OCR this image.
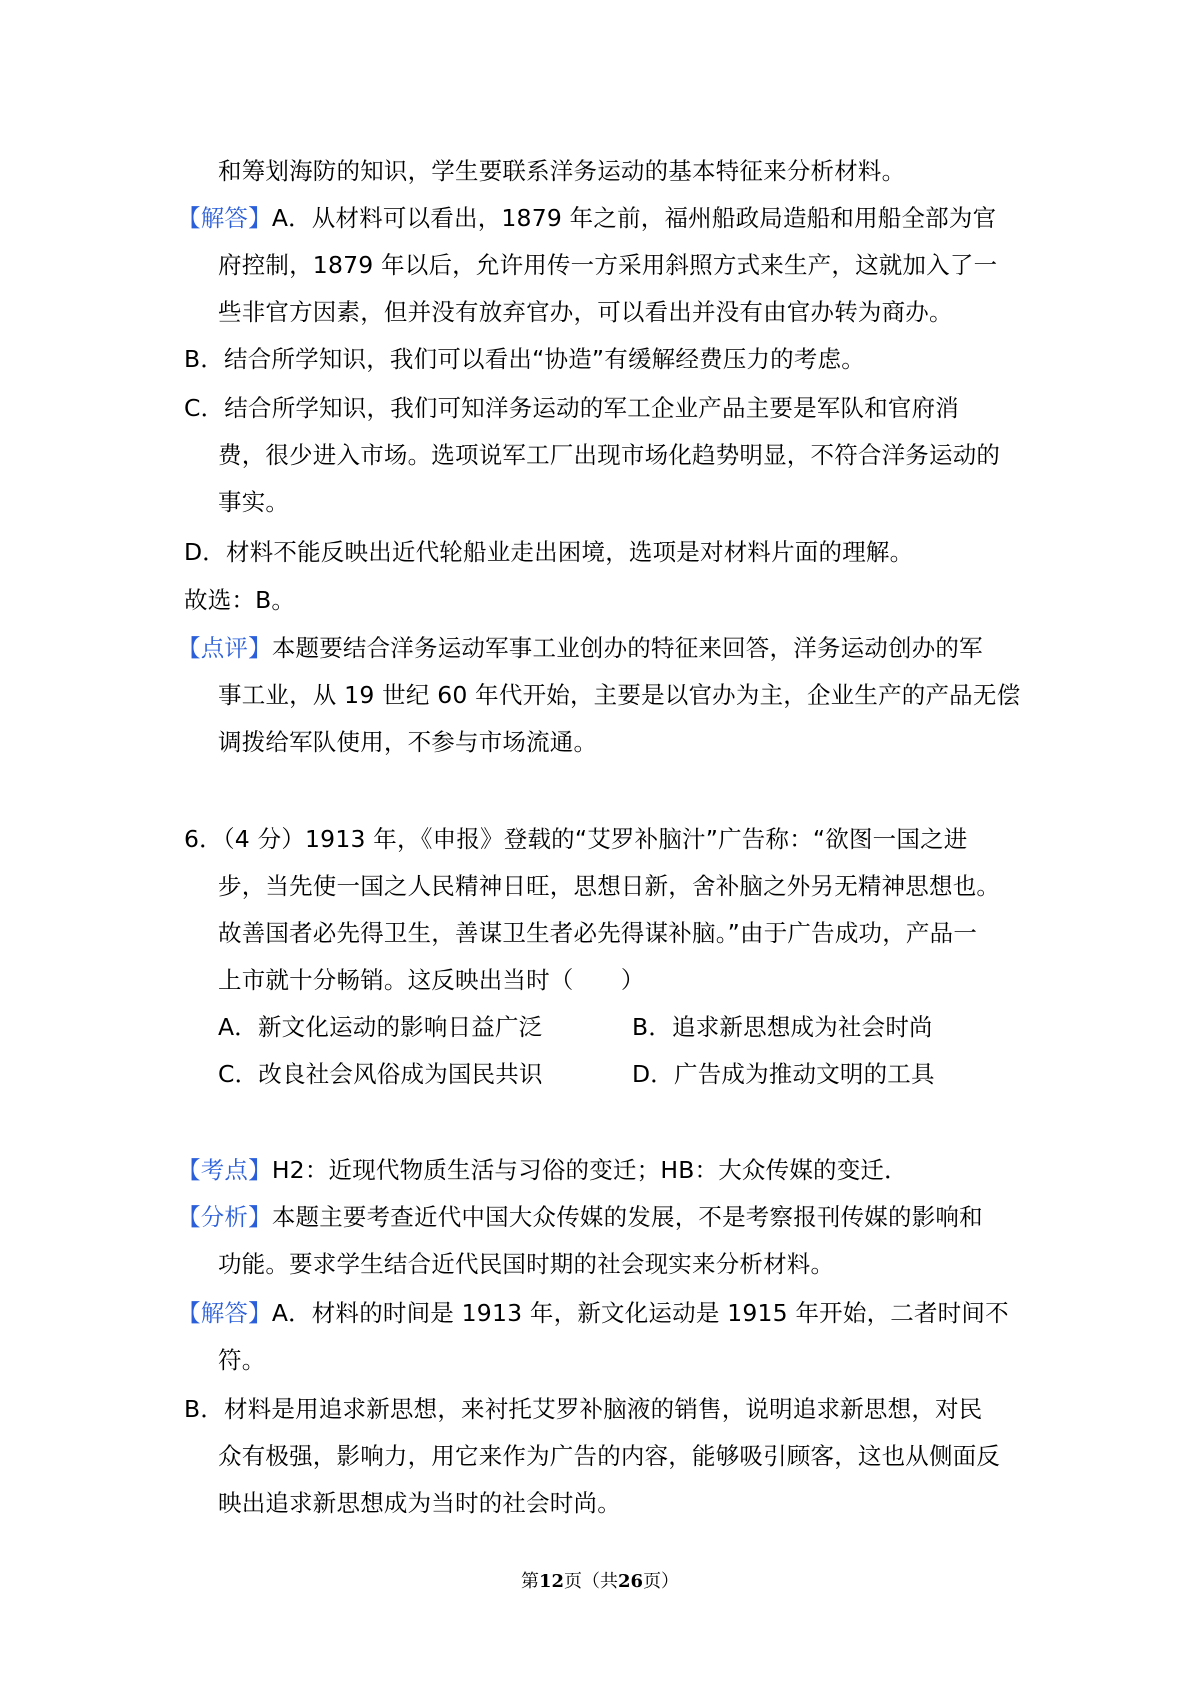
和筹划海防的知识，学生要联系洋务运动的基本特征来分析材料。
【解答】A．从材料可以看出，1879 年之前，福州船政局造船和用船全部为官
府控制，1879 年以后，允许用传一方采用斜照方式来生产，这就加入了一
些非官方因素，但并没有放弃官办，可以看出并没有由官办转为商办。
B．结合所学知识，我们可以看出“协造”有缓解经费压力的考虑。
C．结合所学知识，我们可知洋务运动的军工企业产品主要是军队和官府消
费，很少进入市场。选项说军工厂出现市场化趋势明显，不符合洋务运动的
事实。
D．材料不能反映出近代轮船业走出困境，选项是对材料片面的理解。
故选：B。
【点评】本题要结合洋务运动军事工业创办的特征来回答，洋务运动创办的军
事工业，从 19 世纪 60 年代开始，主要是以官办为主，企业生产的产品无偿
调拨给军队使用，不参与市场流通。
6．（4 分）1913 年，《申报》登载的“艾罗补脑汁”广告称：“欲图一国之进
步，当先使一国之人民精神日旺，思想日新，舍补脑之外另无精神思想也。
故善国者必先得卫生，善谋卫生者必先得谋补脑。”由于广告成功，产品一
上市就十分畅销。这反映出当时（　　）
A．新文化运动的影响日益广泛	B．追求新思想成为社会时尚
C．改良社会风俗成为国民共识	D．广告成为推动文明的工具
【考点】H2：近现代物质生活与习俗的变迁；HB：大众传媒的变迁．
【分析】本题主要考查近代中国大众传媒的发展，不是考察报刊传媒的影响和
功能。要求学生结合近代民国时期的社会现实来分析材料。
【解答】A．材料的时间是 1913 年，新文化运动是 1915 年开始，二者时间不
符。
B．材料是用追求新思想，来衬托艾罗补脑液的销售，说明追求新思想，对民
众有极强，影响力，用它来作为广告的内容，能够吸引顾客，这也从侧面反
映出追求新思想成为当时的社会时尚。
第12页（共26页）
